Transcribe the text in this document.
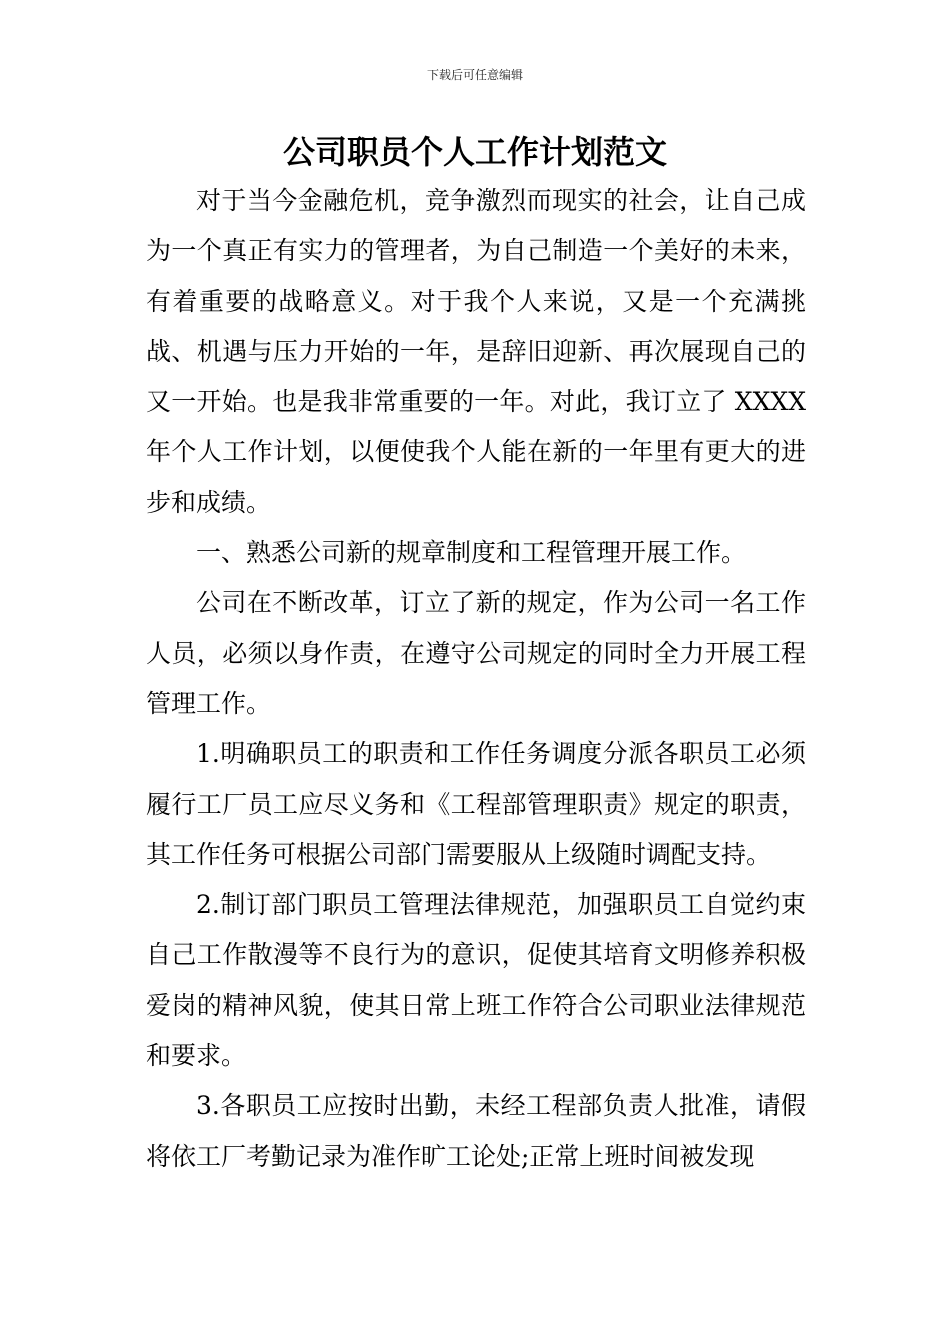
下载后可任意编辑
公司职员个人工作计划范文

对于当今金融危机，竞争激烈而现实的社会，让自己成为一个真正有实力的管理者，为自己制造一个美好的未来，有着重要的战略意义。对于我个人来说，又是一个充满挑战、机遇与压力开始的一年，是辞旧迎新、再次展现自己的又一开始。也是我非常重要的一年。对此，我订立了 XXXX 年个人工作计划，以便使我个人能在新的一年里有更大的进步和成绩。

一、熟悉公司新的规章制度和工程管理开展工作。

公司在不断改革，订立了新的规定，作为公司一名工作人员，必须以身作责，在遵守公司规定的同时全力开展工程管理工作。

1.明确职员工的职责和工作任务调度分派各职员工必须履行工厂员工应尽义务和《工程部管理职责》规定的职责，其工作任务可根据公司部门需要服从上级随时调配支持。

2.制订部门职员工管理法律规范，加强职员工自觉约束自己工作散漫等不良行为的意识，促使其培育文明修养积极爱岗的精神风貌，使其日常上班工作符合公司职业法律规范和要求。

3.各职员工应按时出勤，未经工程部负责人批准，请假将依工厂考勤记录为准作旷工论处;正常上班时间被发现
